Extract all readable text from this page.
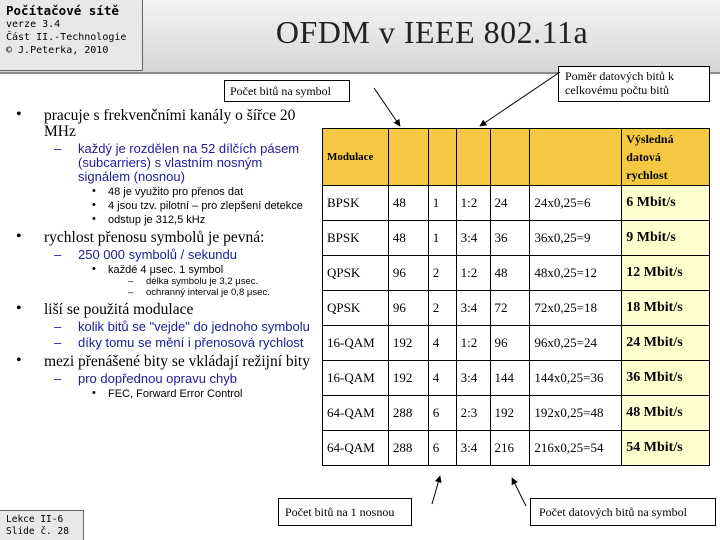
Počítačové sítě
verze 3.4
Část II.-Technologie
© J.Peterka, 2010
OFDM v IEEE 802.11a
• pracuje s frekvenčními kanály o šířce 20 MHz
– každý je rozdělen na 52 dílčích pásem (subcarriers) s vlastním nosným signálem (nosnou)
• 48 je využito pro přenos dat
• 4 jsou tzv. pilotní – pro zlepšení detekce
• odstup je 312,5 kHz
• rychlost přenosu symbolů je pevná:
– 250 000 symbolů / sekundu
• každé 4 μsec. 1 symbol
– délka symbolu je 3,2 μsec.
– ochranný interval je 0,8 μsec.
• liší se použitá modulace
– kolik bitů se "vejde" do jednoho symbolu
– díky tomu se mění i přenosová rychlost
• mezi přenášené bity se vkládají režijní bity
– pro dopřednou opravu chyb
• FEC, Forward Error Control
Modulace						Výsledná datová rychlost
BPSK	48	1	1:2	24	24x0,25=6	6 Mbit/s
BPSK	48	1	3:4	36	36x0,25=9	9 Mbit/s
QPSK	96	2	1:2	48	48x0,25=12	12 Mbit/s
QPSK	96	2	3:4	72	72x0,25=18	18 Mbit/s
16-QAM	192	4	1:2	96	96x0,25=24	24 Mbit/s
16-QAM	192	4	3:4	144	144x0,25=36	36 Mbit/s
64-QAM	288	6	2:3	192	192x0,25=48	48 Mbit/s
64-QAM	288	6	3:4	216	216x0,25=54	54 Mbit/s
Počet bitů na symbol
Poměr datových bitů k celkovému počtu bitů
Počet bitů na 1 nosnou	Počet datových bitů na symbol
Lekce II-6
Slide č. 28
